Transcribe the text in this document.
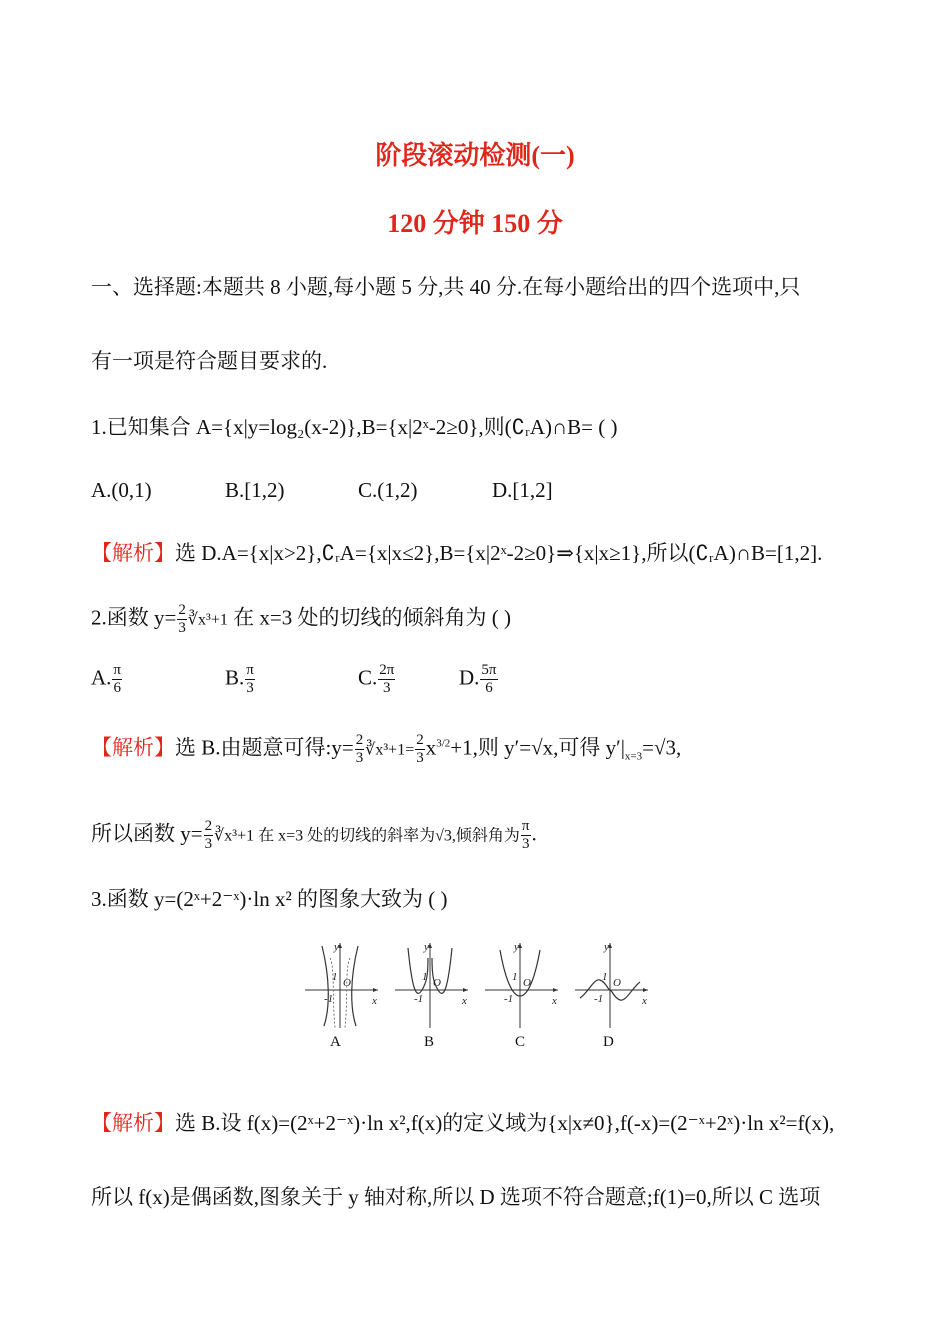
阶段滚动检测(一)
120 分钟 150 分
一、选择题:本题共 8 小题,每小题 5 分,共 40 分.在每小题给出的四个选项中,只
有一项是符合题目要求的.
1.已知集合 A={x|y=log₂(x-2)},B={x|2ˣ-2≥0},则(∁ᵣA)∩B= ( )
A.(0,1)	B.[1,2)	C.(1,2)	D.[1,2]
【解析】选 D.A={x|x>2},∁ᵣA={x|x≤2},B={x|2ˣ-2≥0}⇒{x|x≥1},所以(∁ᵣA)∩B=[1,2].
2.函数 $y= \frac{2}{3}$ ∛x³+1 在 x=3 处的切线的倾斜角为 ( )
A. $\frac{\pi}{6}$	B. $\frac{\pi}{3}$	C. $\frac{2\pi}{3}$	D. $\frac{5\pi}{6}$
【解析】选 B.由题意可得:y= $\frac{2}{3}$ ∛x³+1= $\frac{2}{3} x^{3/2}+1$,则 y′=√x,可得 $y'|_{x=3}=√3$,
所以函数 $y= \frac{2}{3}$ ∛x³+1 在 x=3 处的切线的斜率为√3,倾斜角为 $\frac{\pi}{3}$ .
3.函数 y=(2ˣ+2⁻ˣ)·ln x² 的图象大致为 ( )
y
x
O
1
-1
y
x
O
1
-1
y
x
O
1
-1
y
x
O
1
-1
A	B	C	D
【解析】选 B.设 f(x)=(2ˣ+2⁻ˣ)·ln x²,f(x)的定义域为{x|x≠0},f(-x)=(2⁻ˣ+2ˣ)·ln x²=f(x),
所以 f(x)是偶函数,图象关于 y 轴对称,所以 D 选项不符合题意;f(1)=0,所以 C 选项
